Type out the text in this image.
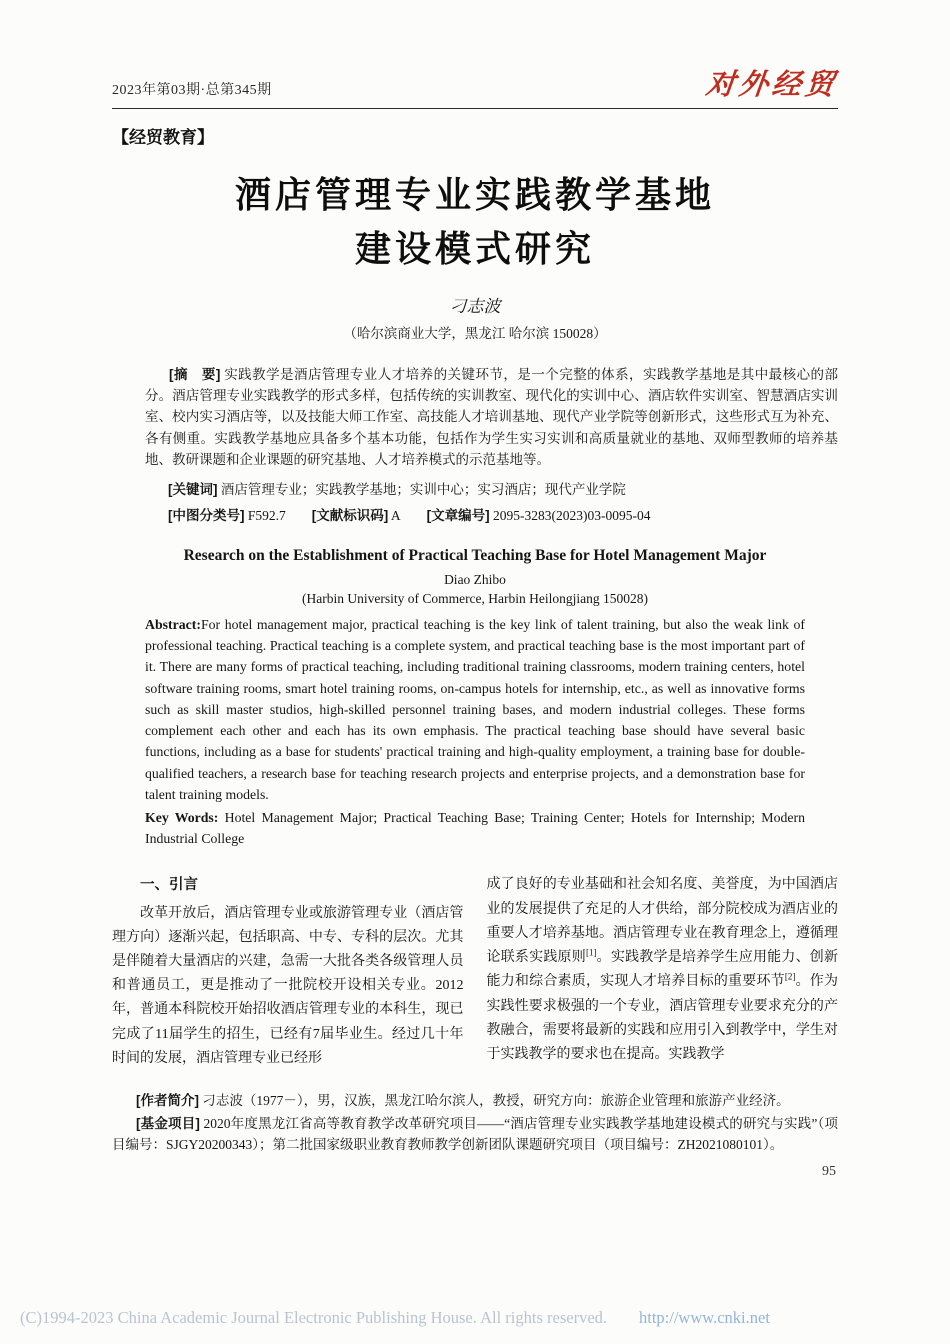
2023年第03期·总第345期	对外经贸
【经贸教育】
酒店管理专业实践教学基地
建设模式研究
刁志波
（哈尔滨商业大学，黑龙江 哈尔滨 150028）

[摘　要] 实践教学是酒店管理专业人才培养的关键环节，是一个完整的体系，实践教学基地是其中最核心的部分。酒店管理专业实践教学的形式多样，包括传统的实训教室、现代化的实训中心、酒店软件实训室、智慧酒店实训室、校内实习酒店等，以及技能大师工作室、高技能人才培训基地、现代产业学院等创新形式，这些形式互为补充、各有侧重。实践教学基地应具备多个基本功能，包括作为学生实习实训和高质量就业的基地、双师型教师的培养基地、教研课题和企业课题的研究基地、人才培养模式的示范基地等。

[关键词] 酒店管理专业；实践教学基地；实训中心；实习酒店；现代产业学院

[中图分类号] F592.7 [文献标识码] A [文章编号] 2095-3283(2023)03-0095-04

Research on the Establishment of Practical Teaching Base for Hotel Management Major
Diao Zhibo
(Harbin University of Commerce, Harbin Heilongjiang 150028)

Abstract:For hotel management major, practical teaching is the key link of talent training, but also the weak link of professional teaching. Practical teaching is a complete system, and practical teaching base is the most important part of it. There are many forms of practical teaching, including traditional training classrooms, modern training centers, hotel software training rooms, smart hotel training rooms, on-campus hotels for internship, etc., as well as innovative forms such as skill master studios, high-skilled personnel training bases, and modern industrial colleges. These forms complement each other and each has its own emphasis. The practical teaching base should have several basic functions, including as a base for students' practical training and high-quality employment, a training base for double-qualified teachers, a research base for teaching research projects and enterprise projects, and a demonstration base for talent training models.

Key Words: Hotel Management Major; Practical Teaching Base; Training Center; Hotels for Internship; Modern Industrial College

一、引言

改革开放后，酒店管理专业或旅游管理专业（酒店管理方向）逐渐兴起，包括职高、中专、专科的层次。尤其是伴随着大量酒店的兴建，急需一大批各类各级管理人员和普通员工，更是推动了一批院校开设相关专业。2012年，普通本科院校开始招收酒店管理专业的本科生，现已完成了11届学生的招生，已经有7届毕业生。经过几十年时间的发展，酒店管理专业已经形

成了良好的专业基础和社会知名度、美誉度，为中国酒店业的发展提供了充足的人才供给，部分院校成为酒店业的重要人才培养基地。酒店管理专业在教育理念上，遵循理论联系实践原则[1]。实践教学是培养学生应用能力、创新能力和综合素质，实现人才培养目标的重要环节[2]。作为实践性要求极强的一个专业，酒店管理专业要求充分的产教融合，需要将最新的实践和应用引入到教学中，学生对于实践教学的要求也在提高。实践教学

[作者简介] 刁志波（1977－），男，汉族，黑龙江哈尔滨人，教授，研究方向：旅游企业管理和旅游产业经济。

[基金项目] 2020年度黑龙江省高等教育教学改革研究项目——“酒店管理专业实践教学基地建设模式的研究与实践”（项目编号：SJGY20200343）；第二批国家级职业教育教师教学创新团队课题研究项目（项目编号：ZH2021080101）。

95
(C)1994-2023 China Academic Journal Electronic Publishing House. All rights reserved. http://www.cnki.net
